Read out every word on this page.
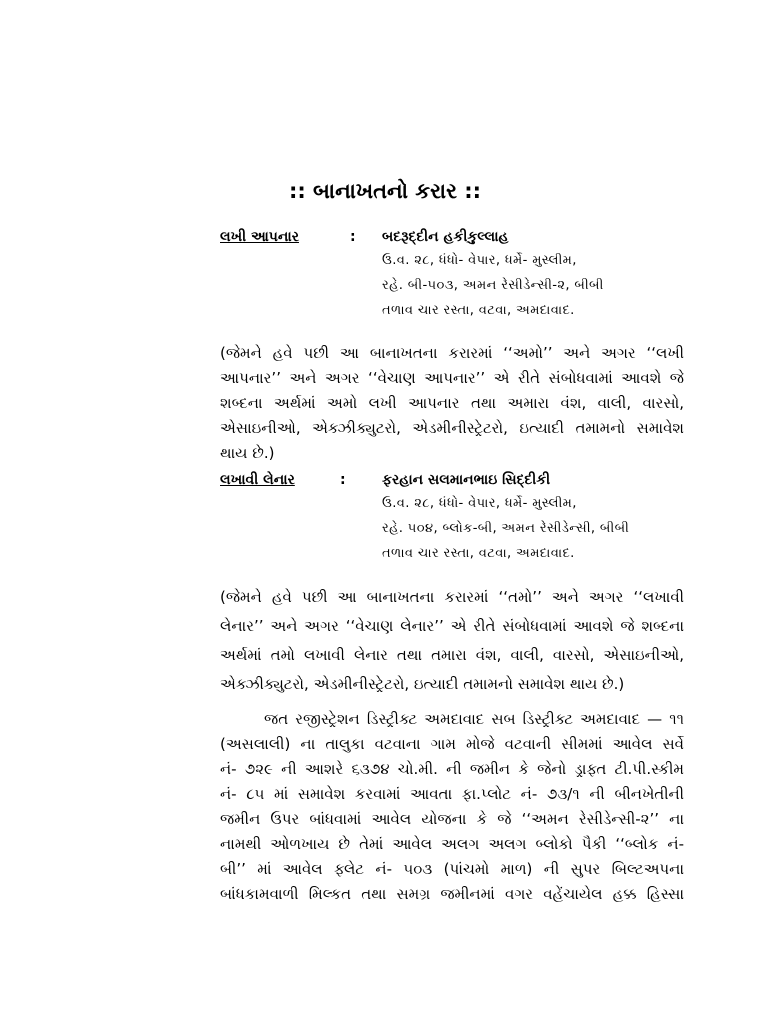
:: બાનાખતનો કરાર ::
લખી આપનાર	: બદરૂદ્દીન હકીકુલ્લાહ
ઉ.વ. ૨૮, ધંધો- વેપાર, ધર્મે- મુસ્લીમ,
રહે. બી-૫૦૩, અમન રેસીડેન્સી-૨, બીબી
તળાવ ચાર રસ્તા, વટવા, અમદાવાદ.
(જેમને હવે પછી આ બાનાખતના કરારમાં ‘‘અમો’’ અને અગર ‘‘લખી
આપનાર’’ અને અગર ‘‘વેચાણ આપનાર’’ એ રીતે સંબોધવામાં આવશે જે
શબ્દના અર્થમાં અમો લખી આપનાર તથા અમારા વંશ, વાલી, વારસો,
એસાઇનીઓ, એક્ઝીક્યુટરો, એડમીનીસ્ટ્રેટરો, ઇત્યાદી તમામનો સમાવેશ
થાય છે.)
લખાવી લેનાર	:	ફરહાન સલમાનભાઇ સિદ્દીકી
ઉ.વ. ૨૮, ધંધો- વેપાર, ધર્મે- મુસ્લીમ,
રહે. ૫૦૪, બ્લોક-બી, અમન રેસીડેન્સી, બીબી
તળાવ ચાર રસ્તા, વટવા, અમદાવાદ.
(જેમને હવે પછી આ બાનાખતના કરારમાં ‘‘તમો’’ અને અગર ‘‘લખાવી
લેનાર’’ અને અગર ‘‘વેચાણ લેનાર’’ એ રીતે સંબોધવામાં આવશે જે શબ્દના
અર્થમાં તમો લખાવી લેનાર તથા તમારા વંશ, વાલી, વારસો, એસાઇનીઓ,
એક્ઝીક્યુટરો, એડમીનીસ્ટ્રેટરો, ઇત્યાદી તમામનો સમાવેશ થાય છે.)
જત રજીસ્ટ્રેશન ડિસ્ટ્રીક્ટ અમદાવાદ સબ ડિસ્ટ્રીક્ટ અમદાવાદ — ૧૧
(અસલાલી) ના તાલુકા વટવાના ગામ મોજે વટવાની સીમમાં આવેલ સર્વે
નં- ૭૨૯ ની આશરે ૬૩૭૪ ચો.મી. ની જમીન કે જેનો ડ્રાફ્ત ટી.પી.સ્કીમ
નં- ૮૫ માં સમાવેશ કરવામાં આવતા ફા.પ્લોટ નં- ૭૩/૧ ની બીનખેતીની
જમીન ઉપર બાંધવામાં આવેલ યોજના કે જે ‘‘અમન રેસીડેન્સી-૨’’ ના
નામથી ઓળખાય છે તેમાં આવેલ અલગ અલગ બ્લોકો પૈકી ‘‘બ્લોક નં-
બી’’ માં આવેલ ફ્લેટ નં- ૫૦૩ (પાંચમો માળ) ની સુપર બિલ્ટઅપના
બાંધકામવાળી મિલ્કત તથા સમગ્ર જમીનમાં વગર વહેંચાયેલ હક્ક હિસ્સા
